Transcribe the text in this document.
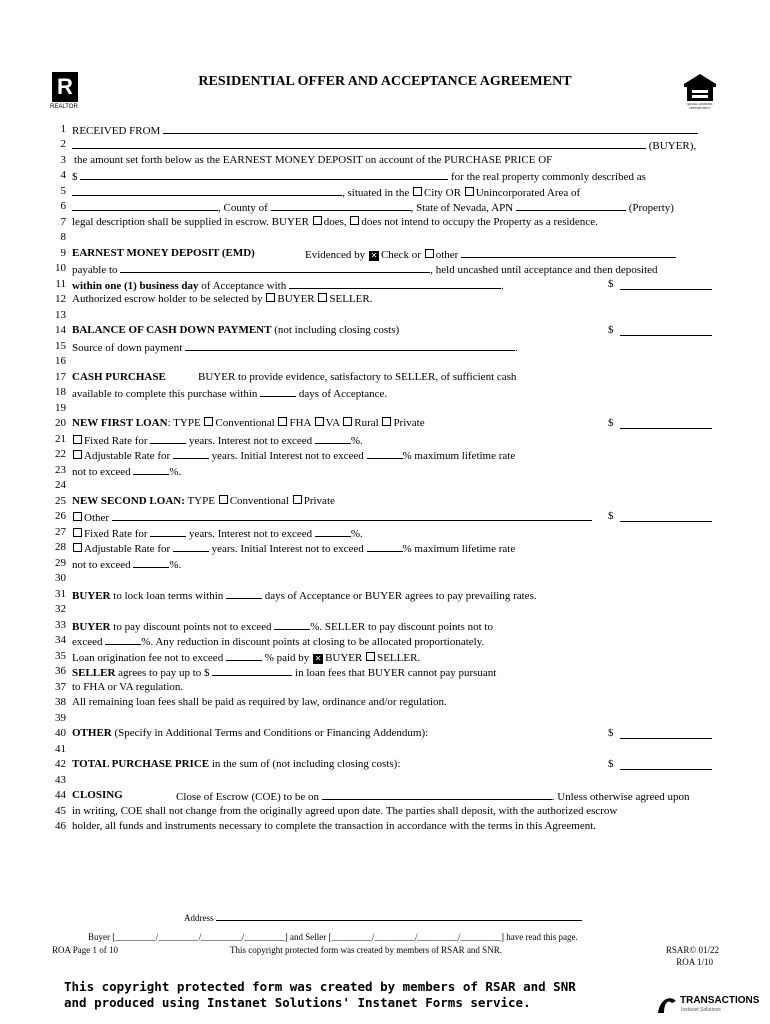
R
REALTOR
RESIDENTIAL OFFER AND ACCEPTANCE AGREEMENT
EQUAL HOUSING OPPORTUNITY
1
2
3
4
5
6
7
8
9
10
11
12
13
14
15
16
17
18
19
20
21
22
23
24
25
26
27
28
29
30
31
32
33
34
35
36
37
38
39
40
41
42
43
44
45
46
RECEIVED FROM
(BUYER),
the amount set forth below as the EARNEST MONEY DEPOSIT on account of the PURCHASE PRICE OF
$	for the real property commonly described as
, situated in the City OR Unincorporated Area of
, County of	, State of Nevada, APN	(Property)
legal description shall be supplied in escrow. BUYER does, does not intend to occupy the Property as a residence.
EARNEST MONEY DEPOSIT (EMD)	Evidenced by ✕ Check or other
payable to	, held uncashed until acceptance and then deposited
within one (1) business day of Acceptance with	.	$
Authorized escrow holder to be selected by BUYER SELLER.
BALANCE OF CASH DOWN PAYMENT (not including closing costs)	$
Source of down payment	.
CASH PURCHASE	BUYER to provide evidence, satisfactory to SELLER, of sufficient cash
available to complete this purchase within	days of Acceptance.
NEW FIRST LOAN: TYPE Conventional FHA VA Rural Private	$
Fixed Rate for	years. Interest not to exceed	%.
Adjustable Rate for	years. Initial Interest not to exceed	% maximum lifetime rate
not to exceed	%.
NEW SECOND LOAN: TYPE Conventional Private
Other	$
Fixed Rate for	years. Interest not to exceed	%.
Adjustable Rate for	years. Initial Interest not to exceed	% maximum lifetime rate
not to exceed	%.
BUYER to lock loan terms within	days of Acceptance or BUYER agrees to pay prevailing rates.
BUYER to pay discount points not to exceed	%. SELLER to pay discount points not to
exceed	%. Any reduction in discount points at closing to be allocated proportionately.
Loan origination fee not to exceed	% paid by ✕ BUYER SELLER.
SELLER agrees to pay up to $	in loan fees that BUYER cannot pay pursuant
to FHA or VA regulation.
All remaining loan fees shall be paid as required by law, ordinance and/or regulation.
OTHER (Specify in Additional Terms and Conditions or Financing Addendum):	$
TOTAL PURCHASE PRICE in the sum of (not including closing costs):	$
CLOSING	Close of Escrow (COE) to be on	. Unless otherwise agreed upon
in writing, COE shall not change from the originally agreed upon date. The parties shall deposit, with the authorized escrow
holder, all funds and instruments necessary to complete the transaction in accordance with the terms in this Agreement.
Address
Buyer [_________/_________/_________/_________] and Seller [_________/_________/_________/_________] have read this page.
ROA Page 1 of 10	This copyright protected form was created by members of RSAR and SNR.	RSAR© 01/22
ROA 1/10
This copyright protected form was created by members of RSAR and SNR
and produced using Instanet Solutions' Instanet Forms service.	TRANSACTIONS
Instanet Solutions
